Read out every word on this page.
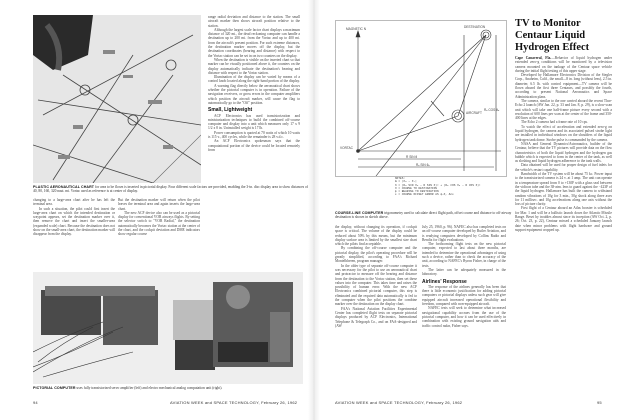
PLASTIC AERONAUTICAL CHART for area to be flown is inserted in pictorial display. Four different scale factors are provided, enabling the 3-in. disc display area to show distances of 40, 80, 160, 320 naut. mi. Vortac used as reference is at center of display.

changing to a large-area chart after he has left the terminal area.

In such a situation, the pilot could first insert the large-area chart on which the intended destination or waypoint appears, set the destination marker over it, then remove the chart and insert the smaller-area (expanded scale) chart. Because the destination does not show on the small-area chart, the destination marker will disappear from the display.

But the destination marker will return when the pilot leaves the terminal area and again inserts the large-area chart.

The new ACF device also can be used as a pictorial display for conventional VOR airways flights. By setting the selector switch to "VOR Radial," the destination automatically becomes the Vortac station at the center of the chart, and the cockpit deviation and DME indicators show regular course

range radial deviation and distance to the station. The small aircraft marker then shows aircraft position relative to the station.

Although the largest scale factor chart displays a maximum distance of 320 mi., the dead reckoning computer can handle a destination up to 200 mi. from the Vortac and up to 400 mi. from the aircraft's present position. For such extreme distances, the destination marker moves off the display, but the destination coordinates (bearing and distance) with respect to the Vortac station can be set in on two counters on the display.

When the destination is visible on the inserted chart so that marker can be visually positioned above it, the counters on the display automatically indicate the destination's bearing and distance with respect to the Vortac station.

Illumination of the display can be varied by means of a control knob located along the right-hand portion of the display.

A warning flag directly below the aeronautical chart shows whether the pictorial computer is in operation. Failure of the navigation receivers, or gross errors in the computer amplifiers which position the aircraft marker, will cause the flag to automatically go to the "Off" position.

Small, Lightweight

ACF Electronics has used transistorization and ministurization techniques to build the combined off-course computer and display into a unit which measures only 17 x 9 1/2 x 8 in. Uninstalled weight is 17 lb.

Power consumption is quoted at 70 watts of which 10 watts is 115 v., 400 cycles, while the remainder is 28 v.d.c.

An ACF Electronics spokesman says that the computational portion of the device could be located remotely from

PICTORIAL COMPUTER uses fully transistorized servo amplifier (left) and electro mechanical analog computation unit (right).
94	AVIATION WEEK and SPACE TECHNOLOGY, February 26, 1962
MAGNETIC N	DESTINATION
AIRCRAFT
VORTAC
R SIN θ
Rₐ SIN θₐ
Rₐ COS θₐ
NOTES:
Δ = |θₐ − θᵣ|
δ = (Rₐ SIN θₐ − R SIN θ)² + (Rₐ COS θₐ − R COS θ)²
θ = COURSE TO DESTINATION
ψ = BEARING TO DESTINATION
ε = COURSE OFFSET ERROR AS ψ−θ, Δ=ε
COURSE-LINE COMPUTER trigonometry used to calculate direct flight path, offset course and distance to off-airway destination is shown in sketch above.

the display, without changing its operation, if cockpit space is critical. The volume of the display could be reduced about 50% by this means, but the minimum display surface area is limited by the smallest size chart which the pilots find acceptable.

By combining the off-course computer and the pictorial display, the pilot's operating procedure will be greatly simplified, according to FAA's Richard Montelbheren, program manager.

In the older type of separate off-course computer it was necessary for the pilot to use an aeronautical chart and protractor to measure off the bearing and distance from the destination to the Vortac station, then set these values into the computer. This takes time and raises the possibility of human error. With the new ACF Electronics combined pictorial computer, this step is eliminated and the required data automatically is fed to the computer when the pilot positions the combine marker over the destination on the display chart.

FAA's National Aviation Facilities Experimental Center has completed flight tests on separate pictorial displays produced by ACF Electronics, International Telephone & Telegraph Co., and on FAA-designed and (AW

July 25, 1960, p. 96). NAFEC also has completed tests on an off-course computer developed by Butler Aviation, and is readying computers developed by Collins Radio and Bendix for flight evaluations.

The forthcoming flight tests on the new pictorial computer, expected to last about three months, are intended to determine the operational advantages of using such a device, rather than to check the accuracy of the unit, according to NAFEC's Byron Fisher, in charge of the tests.

The latter can be adequately measured in the laboratory.

Airlines' Response

The response of the airlines generally has been that there is little economic justification for adding pictorial computers or pictorial displays unless such gear will give equipped aircraft increased operational flexibility and freedom, compared with non-equipped aircraft.

NAFEC tests will seek to determine what increased navigational capability accrues from the use of the pictorial computer, and how it can be used effectively in combination with existing ground navigation aids and traffic control radar, Fisher says.

TV to Monitor Centaur Liquid Hydrogen Effect

Cape Canaveral, Fla.—Behavior of liquid hydrogen under extended zero-g conditions will be monitored by a television camera mounted on the tankage of the Centaur space vehicle during the initial flight testing of this upper stage.

Developed by Hallamore Electronics Division of the Siegler Corp., Anaheim, Calif., the small—8 in. long (without lens), 2.5 in. diameter, 6.5 lb. with control equipment—TV camera will be flown aboard the first three Centaurs, and possibly the fourth, according to present National Aeronautics and Space Administration plans.

The camera, similar to the one carried aboard the recent Thor-Echo 2 launch (AW Jan. 22, p. 33 and Jan. 8, p. 29), is a slow-scan unit which will take one half-frame picture every second with a resolution of 600 lines per scan at the center of the frame and 350-400 lines at the edges.

The Echo 2 camera had a frame rate of 10 cps.

To watch the effect of acceleration and extended zero-g on liquid hydrogen, the camera and its associated pulsed strobe light are installed in individual windows on the shoulders of the liquid hydrogen tank dome. Strobe pulse is commanded by the camera.

NASA and General Dynamics/Astronautics, builder of the Centaur, believe that the TV pictures will provide data on the flow characteristics of both the liquid hydrogen and the hydrogen gas bubble which is expected to form in the center of the tank, as well as sloshing and liquid hydrogen adherence to the tank walls.

Data obtained will be used for proper design of fuel inlets for the vehicle's restart capability.

Bandwidth of the TV system will be about 75 kc. Power input to the transistorized camera is 24 v. at 1 amp. The unit can operate in a temperature spread from 0 to +130F with a glass seal between the vidicon tube and the 38-atm. lens to guard against the −423F of the liquid hydrogen. Hallamore has built the camera to withstand random vibrations of 10g for 3 min., 50g shock along three axes for 11 millisec. and 10g accelerations along one axis without the loss of picture clarity.

First flight of a Centaur aboard an Atlas booster is scheduled for Mar. 1 and will be a ballistic launch down the Atlantic Missile Range. Beset by troubles almost since its inception (AW Oct. 2, p. 26; Oct. 23, p. 22), Centaur missed a scheduled January launch date when minor problems with flight hardware and ground support equipment cropped up.

AVIATION WEEK and SPACE TECHNOLOGY, February 26, 1962	95
